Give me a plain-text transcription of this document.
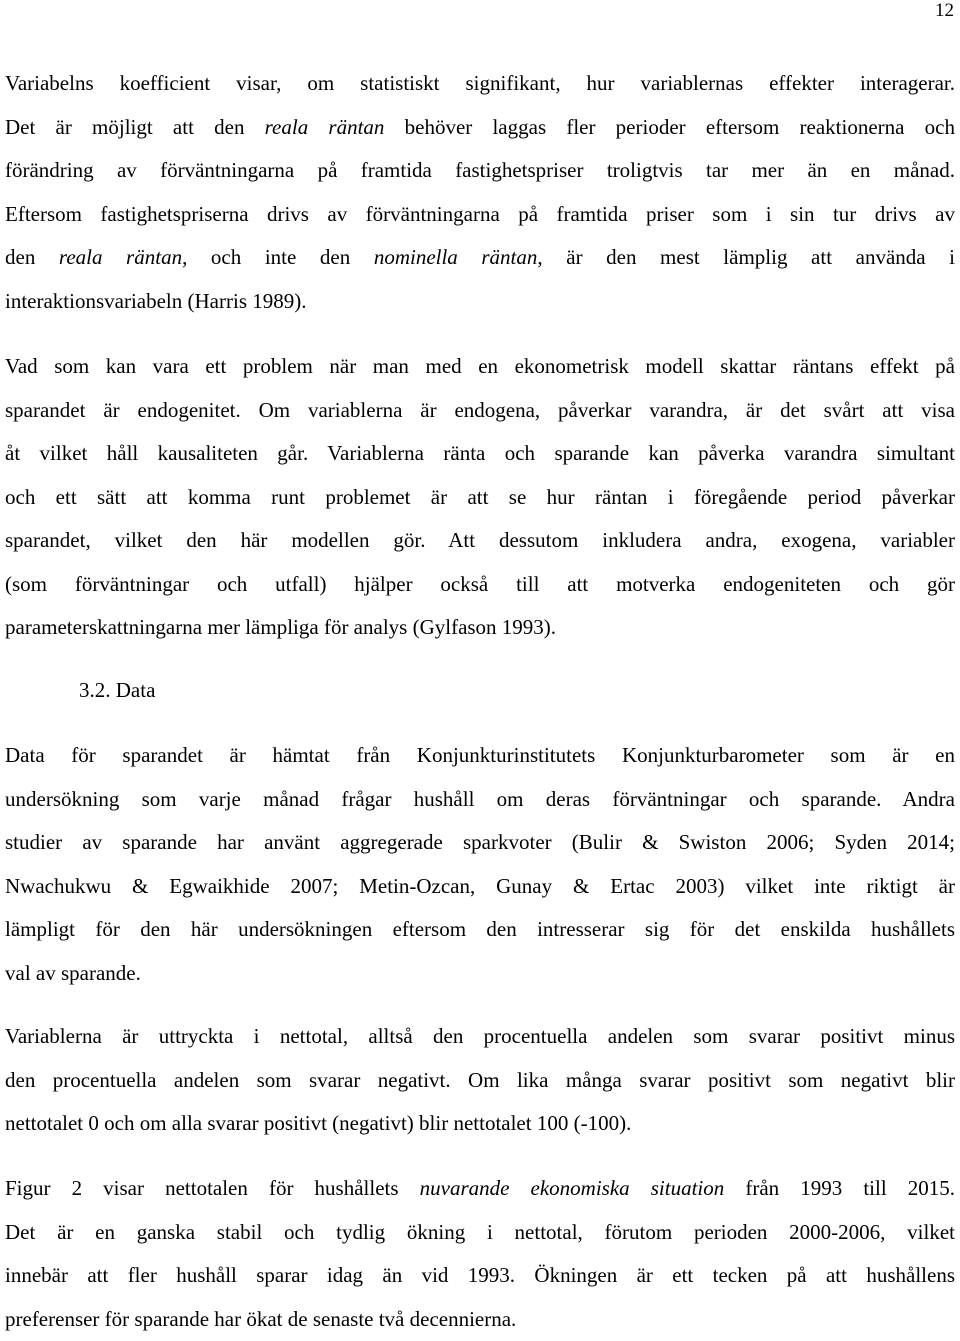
12
Variabelns koefficient visar, om statistiskt signifikant, hur variablernas effekter interagerar.
Det är möjligt att den reala räntan behöver laggas fler perioder eftersom reaktionerna och
förändring av förväntningarna på framtida fastighetspriser troligtvis tar mer än en månad.
Eftersom fastighetspriserna drivs av förväntningarna på framtida priser som i sin tur drivs av
den reala räntan, och inte den nominella räntan, är den mest lämplig att använda i
interaktionsvariabeln (Harris 1989).
Vad som kan vara ett problem när man med en ekonometrisk modell skattar räntans effekt på
sparandet är endogenitet. Om variablerna är endogena, påverkar varandra, är det svårt att visa
åt vilket håll kausaliteten går. Variablerna ränta och sparande kan påverka varandra simultant
och ett sätt att komma runt problemet är att se hur räntan i föregående period påverkar
sparandet, vilket den här modellen gör. Att dessutom inkludera andra, exogena, variabler
(som förväntningar och utfall) hjälper också till att motverka endogeniteten och gör
parameterskattningarna mer lämpliga för analys (Gylfason 1993).
3.2. Data
Data för sparandet är hämtat från Konjunkturinstitutets Konjunkturbarometer som är en
undersökning som varje månad frågar hushåll om deras förväntningar och sparande. Andra
studier av sparande har använt aggregerade sparkvoter (Bulir & Swiston 2006; Syden 2014;
Nwachukwu & Egwaikhide 2007; Metin-Ozcan, Gunay & Ertac 2003) vilket inte riktigt är
lämpligt för den här undersökningen eftersom den intresserar sig för det enskilda hushållets
val av sparande.
Variablerna är uttryckta i nettotal, alltså den procentuella andelen som svarar positivt minus
den procentuella andelen som svarar negativt. Om lika många svarar positivt som negativt blir
nettotalet 0 och om alla svarar positivt (negativt) blir nettotalet 100 (-100).
Figur 2 visar nettotalen för hushållets nuvarande ekonomiska situation från 1993 till 2015.
Det är en ganska stabil och tydlig ökning i nettotal, förutom perioden 2000-2006, vilket
innebär att fler hushåll sparar idag än vid 1993. Ökningen är ett tecken på att hushållens
preferenser för sparande har ökat de senaste två decennierna.
